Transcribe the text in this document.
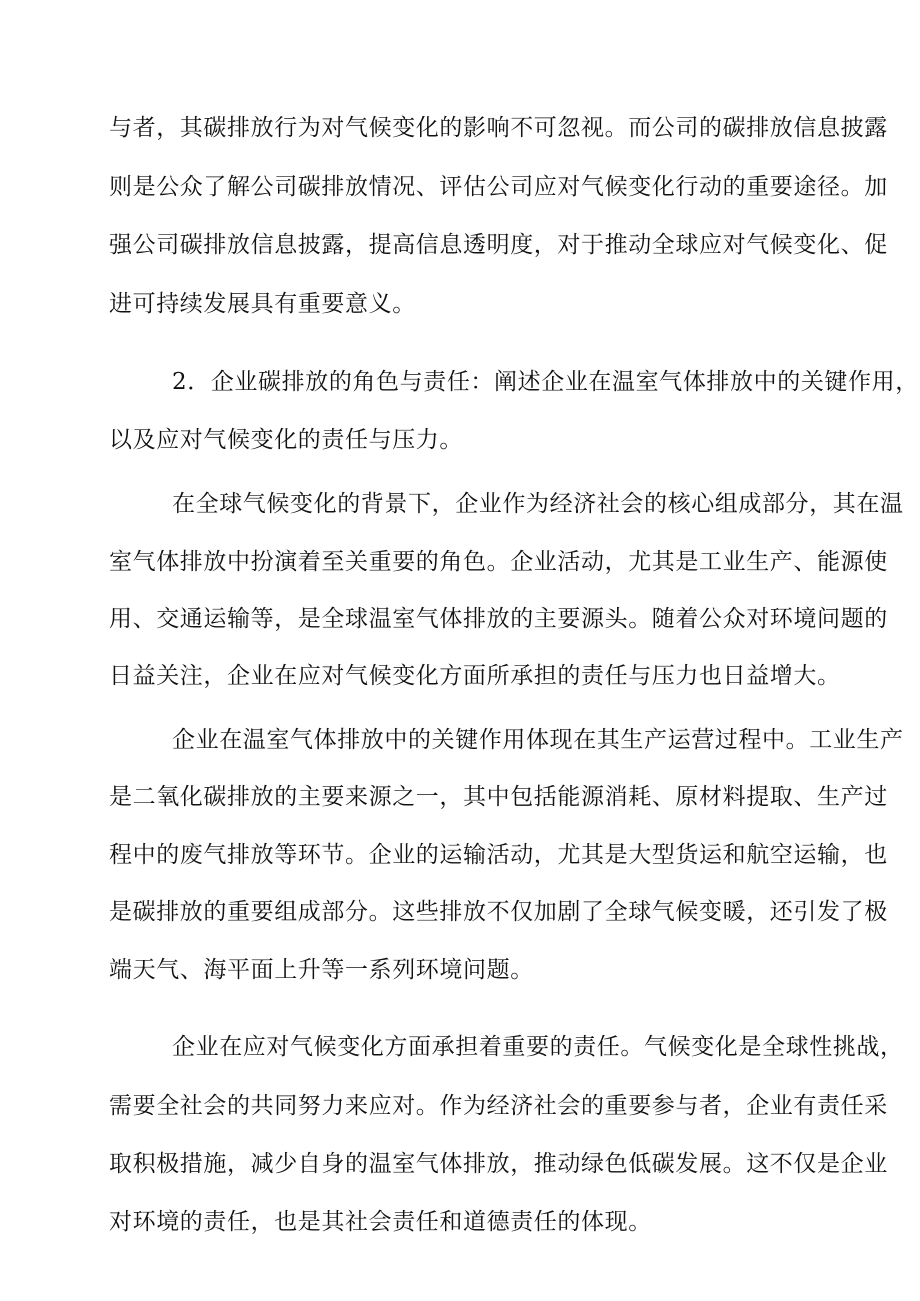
与者，其碳排放行为对气候变化的影响不可忽视。而公司的碳排放信息披露
则是公众了解公司碳排放情况、评估公司应对气候变化行动的重要途径。加
强公司碳排放信息披露，提高信息透明度，对于推动全球应对气候变化、促
进可持续发展具有重要意义。
2．企业碳排放的角色与责任：阐述企业在温室气体排放中的关键作用，
以及应对气候变化的责任与压力。
在全球气候变化的背景下，企业作为经济社会的核心组成部分，其在温
室气体排放中扮演着至关重要的角色。企业活动，尤其是工业生产、能源使
用、交通运输等，是全球温室气体排放的主要源头。随着公众对环境问题的
日益关注，企业在应对气候变化方面所承担的责任与压力也日益增大。
企业在温室气体排放中的关键作用体现在其生产运营过程中。工业生产
是二氧化碳排放的主要来源之一，其中包括能源消耗、原材料提取、生产过
程中的废气排放等环节。企业的运输活动，尤其是大型货运和航空运输，也
是碳排放的重要组成部分。这些排放不仅加剧了全球气候变暖，还引发了极
端天气、海平面上升等一系列环境问题。
企业在应对气候变化方面承担着重要的责任。气候变化是全球性挑战，
需要全社会的共同努力来应对。作为经济社会的重要参与者，企业有责任采
取积极措施，减少自身的温室气体排放，推动绿色低碳发展。这不仅是企业
对环境的责任，也是其社会责任和道德责任的体现。
